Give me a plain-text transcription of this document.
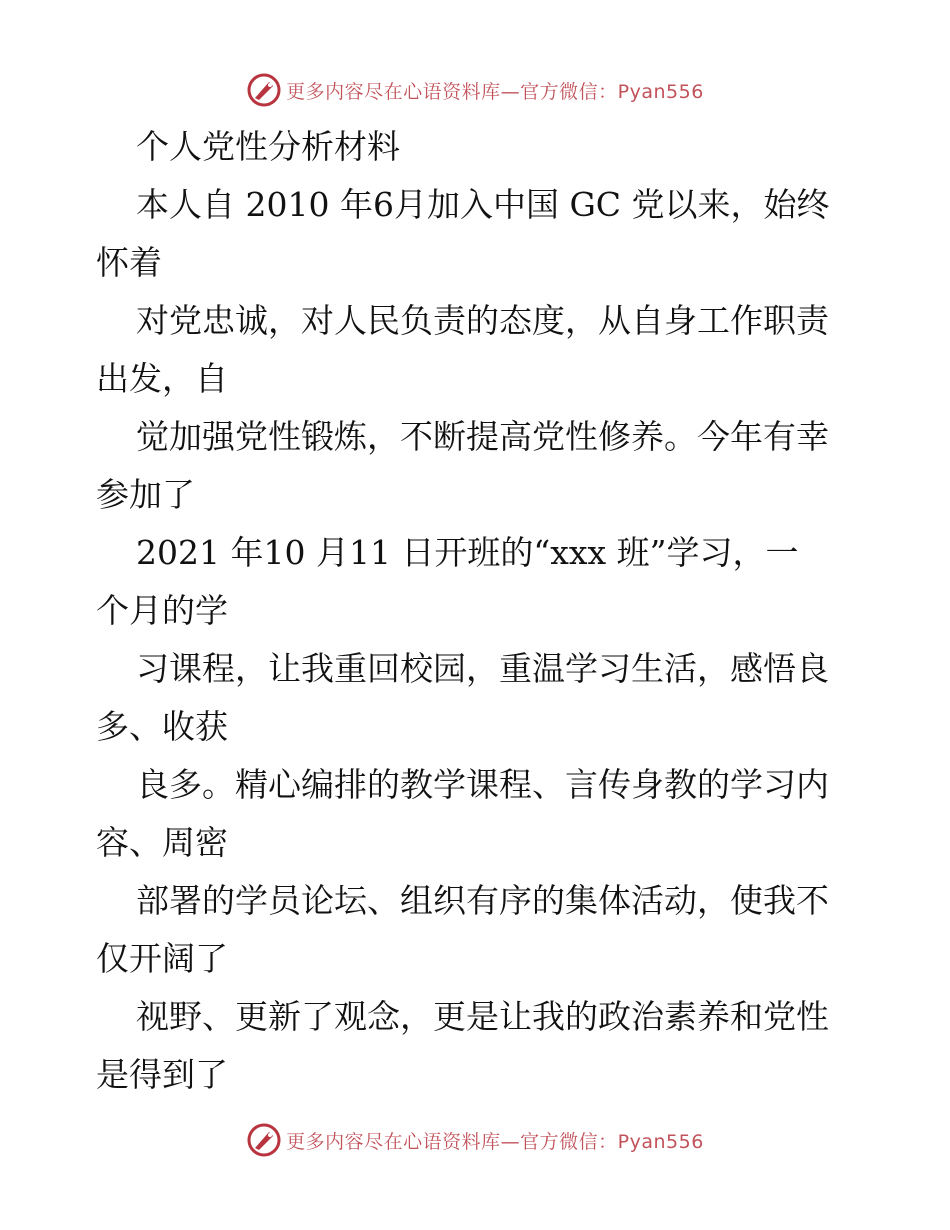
更多内容尽在心语资料库—官方微信：Pyan556
个人党性分析材料
本人自 2010 年6月加入中国 GC 党以来，始终
怀着
对党忠诚，对人民负责的态度，从自身工作职责
出发，自
觉加强党性锻炼，不断提高党性修养。今年有幸
参加了
2021 年10 月11 日开班的“xxx 班”学习，一
个月的学
习课程，让我重回校园，重温学习生活，感悟良
多、收获
良多。精心编排的教学课程、言传身教的学习内
容、周密
部署的学员论坛、组织有序的集体活动，使我不
仅开阔了
视野、更新了观念，更是让我的政治素养和党性
是得到了
更多内容尽在心语资料库—官方微信：Pyan556
